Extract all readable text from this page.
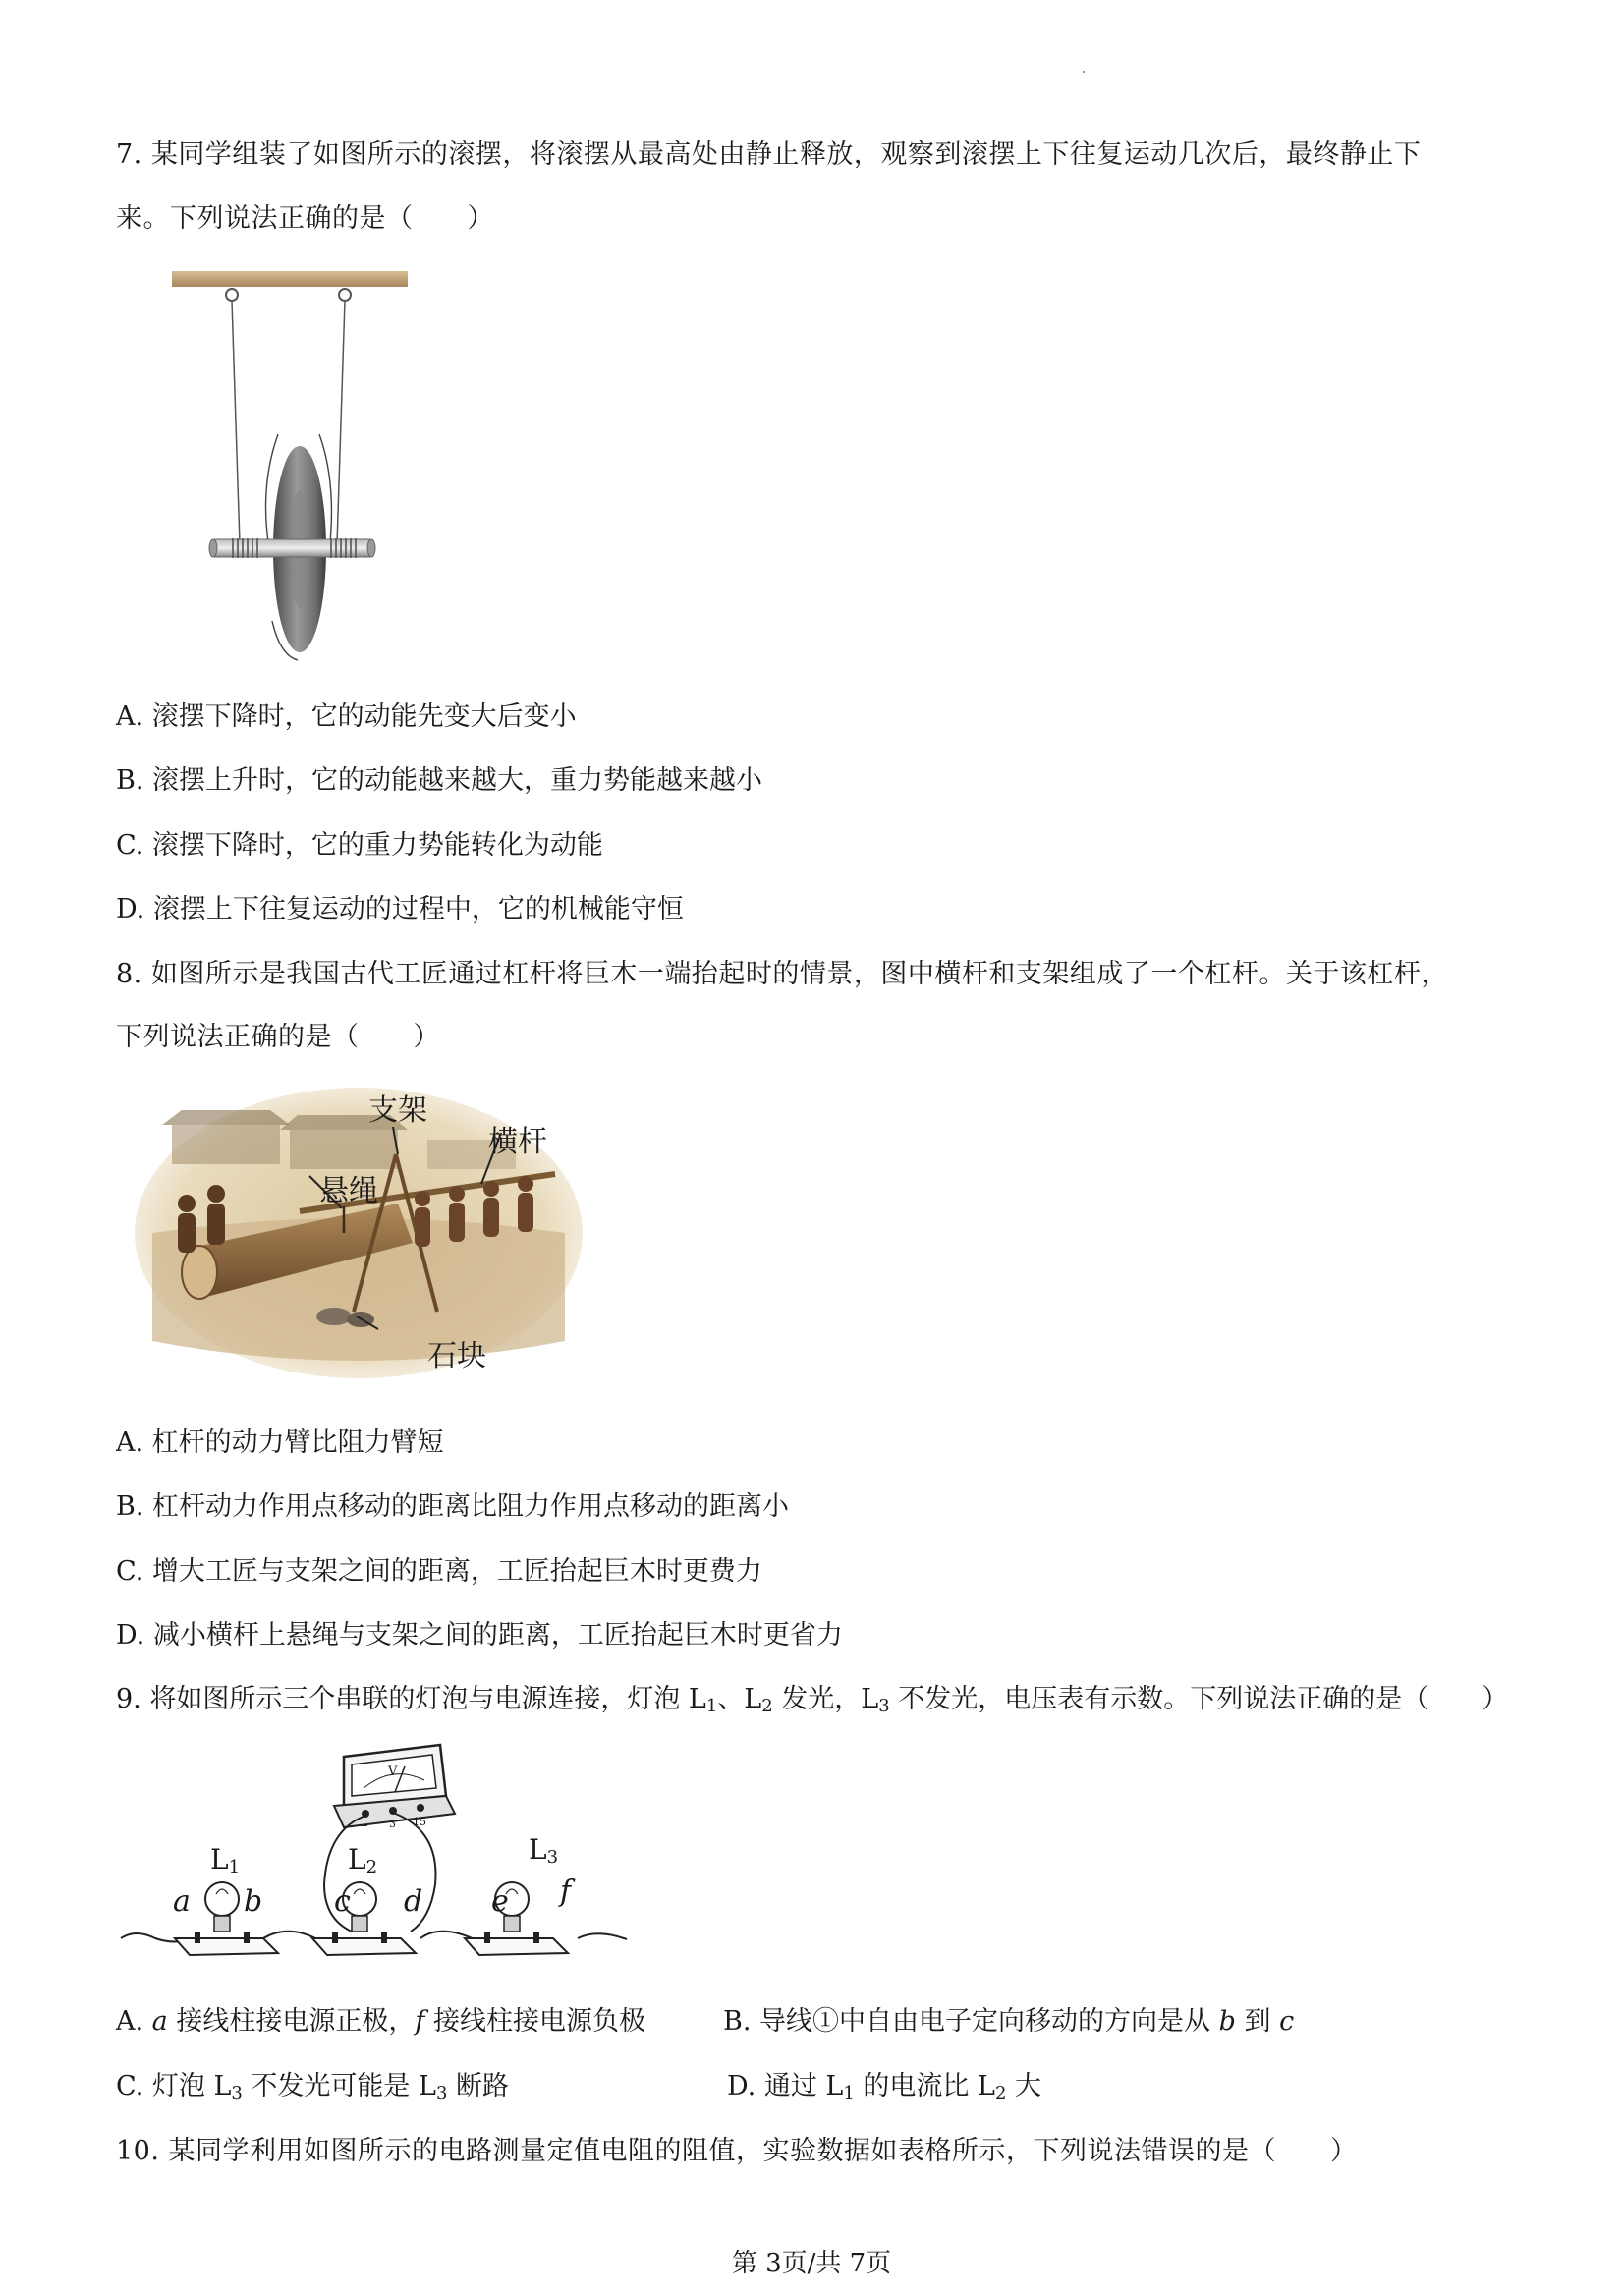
7. 某同学组装了如图所示的滚摆，将滚摆从最高处由静止释放，观察到滚摆上下往复运动几次后，最终静止下
来。下列说法正确的是（　　）
A. 滚摆下降时，它的动能先变大后变小
B. 滚摆上升时，它的动能越来越大，重力势能越来越小
C. 滚摆下降时，它的重力势能转化为动能
D. 滚摆上下往复运动的过程中，它的机械能守恒
8. 如图所示是我国古代工匠通过杠杆将巨木一端抬起时的情景，图中横杆和支架组成了一个杠杆。关于该杠杆，
下列说法正确的是（　　）
支架
横杆
悬绳
石块
A. 杠杆的动力臂比阻力臂短
B. 杠杆动力作用点移动的距离比阻力作用点移动的距离小
C. 增大工匠与支架之间的距离，工匠抬起巨木时更费力
D. 减小横杆上悬绳与支架之间的距离，工匠抬起巨木时更省力
9. 将如图所示三个串联的灯泡与电源连接，灯泡 $L_1$、$L_2$ 发光，$L_3$ 不发光，电压表有示数。下列说法正确的是（　　）
V
− 3 15
$L_1$	$L_2$
$L_3$
a b c d e f
A. a 接线柱接电源正极，f 接线柱接电源负极	B. 导线①中自由电子定向移动的方向是从 b 到 c
C. 灯泡 $L_3$ 不发光可能是 $L_3$ 断路	D. 通过 $L_1$ 的电流比 $L_2$ 大
10. 某同学利用如图所示的电路测量定值电阻的阻值，实验数据如表格所示，下列说法错误的是（　　）
第 3页/共 7页
